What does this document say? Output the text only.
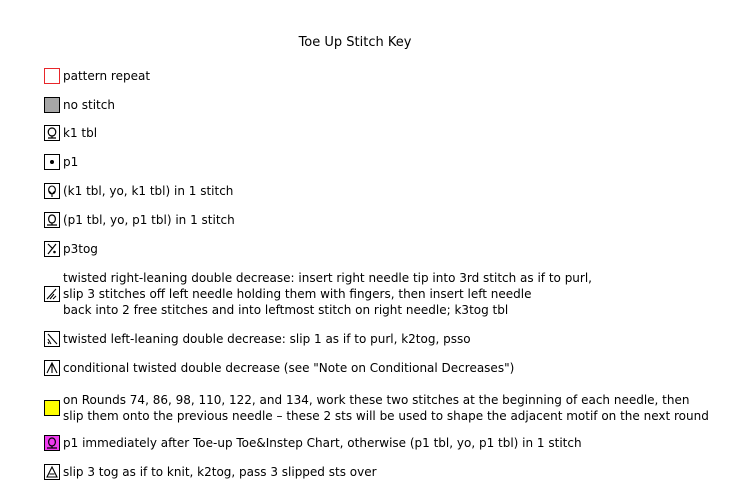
Toe Up Stitch Key
pattern repeat
no stitch
k1 tbl
p1
(k1 tbl, yo, k1 tbl) in 1 stitch
(p1 tbl, yo, p1 tbl) in 1 stitch
p3tog
twisted right-leaning double decrease: insert right needle tip into 3rd stitch as if to purl,
slip 3 stitches off left needle holding them with fingers, then insert left needle
back into 2 free stitches and into leftmost stitch on right needle; k3tog tbl
twisted left-leaning double decrease: slip 1 as if to purl, k2tog, psso
conditional twisted double decrease (see "Note on Conditional Decreases")
on Rounds 74, 86, 98, 110, 122, and 134, work these two stitches at the beginning of each needle, then
slip them onto the previous needle – these 2 sts will be used to shape the adjacent motif on the next round
p1 immediately after Toe-up Toe&Instep Chart, otherwise (p1 tbl, yo, p1 tbl) in 1 stitch
slip 3 tog as if to knit, k2tog, pass 3 slipped sts over
